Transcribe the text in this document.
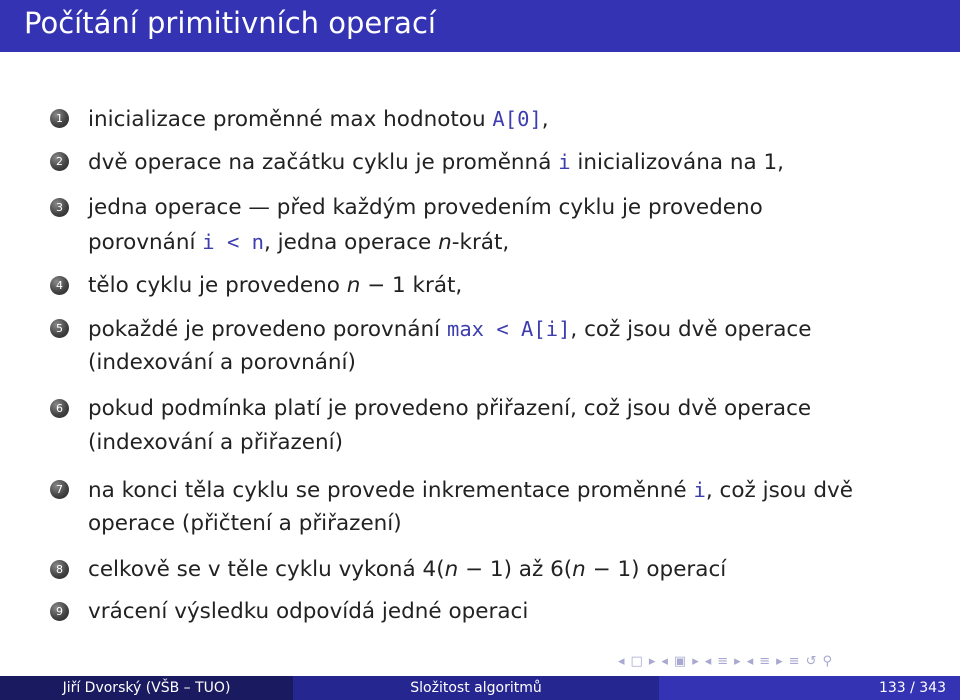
Počítání primitivních operací
1 inicializace proměnné max hodnotou A[0],
2 dvě operace na začátku cyklu je proměnná i inicializována na 1,
3 jedna operace — před každým provedením cyklu je provedeno
porovnání i < n, jedna operace n-krát,
4 tělo cyklu je provedeno n − 1 krát,
5 pokaždé je provedeno porovnání max < A[i], což jsou dvě operace
(indexování a porovnání)
6 pokud podmínka platí je provedeno přiřazení, což jsou dvě operace
(indexování a přiřazení)
7 na konci těla cyklu se provede inkrementace proměnné i, což jsou dvě
operace (přičtení a přiřazení)
8 celkově se v těle cyklu vykoná 4(n − 1) až 6(n − 1) operací
9 vrácení výsledku odpovídá jedné operaci
◂ □ ▸ ◂ ▣ ▸ ◂ ≡ ▸ ◂ ≡ ▸ ≡ ↺ ⚲
Jiří Dvorský (VŠB – TUO)	Složitost algoritmů	133 / 343
